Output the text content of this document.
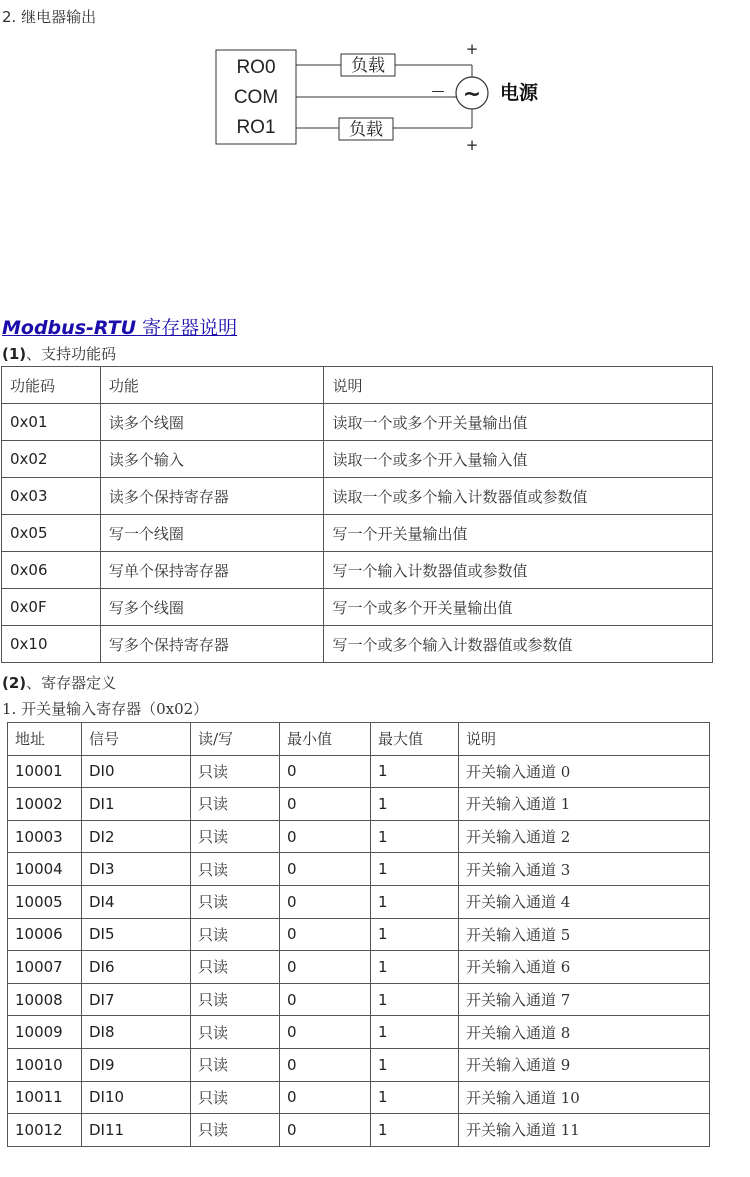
2. 继电器输出
RO0
COM
RO1
负载
+
— ~ 电源
负载
+
Modbus-RTU 寄存器说明
(1)、支持功能码
功能码	功能	说明
0x01	读多个线圈	读取一个或多个开关量输出值
0x02	读多个输入	读取一个或多个开入量输入值
0x03	读多个保持寄存器	读取一个或多个输入计数器值或参数值
0x05	写一个线圈	写一个开关量输出值
0x06	写单个保持寄存器	写一个输入计数器值或参数值
0x0F	写多个线圈	写一个或多个开关量输出值
0x10	写多个保持寄存器	写一个或多个输入计数器值或参数值
(2)、寄存器定义
1. 开关量输入寄存器（0x02）
地址	信号	读/写	最小值	最大值	说明
10001	DI0	只读	0	1	开关输入通道 0
10002	DI1	只读	0	1	开关输入通道 1
10003	DI2	只读	0	1	开关输入通道 2
10004	DI3	只读	0	1	开关输入通道 3
10005	DI4	只读	0	1	开关输入通道 4
10006	DI5	只读	0	1	开关输入通道 5
10007	DI6	只读	0	1	开关输入通道 6
10008	DI7	只读	0	1	开关输入通道 7
10009	DI8	只读	0	1	开关输入通道 8
10010	DI9	只读	0	1	开关输入通道 9
10011	DI10	只读	0	1	开关输入通道 10
10012	DI11	只读	0	1	开关输入通道 11
